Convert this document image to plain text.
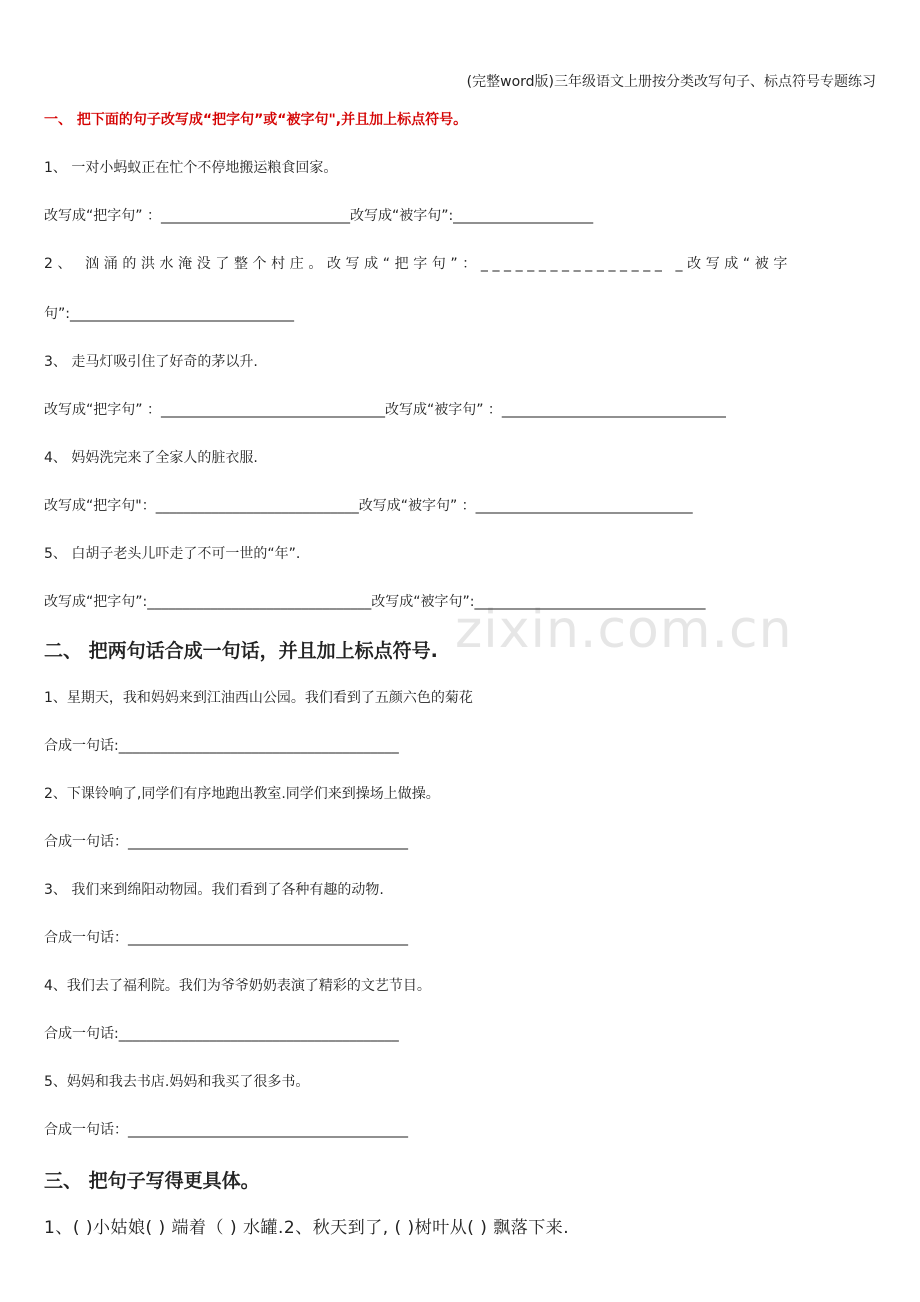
(完整word版)三年级语文上册按分类改写句子、标点符号专题练习
zixin.com.cn
一、 把下面的句子改写成“把字句”或“被字句",并且加上标点符号。
1、 一对小蚂蚁正在忙个不停地搬运粮食回家。
改写成“把字句” ：___________________________改写成“被字句”:____________________
2、 汹涌的洪水淹没了整个村庄。改写成“把字句”：________________ _改写成“被字
句”:________________________________
3、 走马灯吸引住了好奇的茅以升.
改写成“把字句” ：________________________________改写成“被字句” ：________________________________
4、 妈妈洗完来了全家人的脏衣服.
改写成“把字句"：_____________________________改写成“被字句” ：_______________________________
5、 白胡子老头儿吓走了不可一世的“年”.
改写成“把字句”:________________________________改写成“被字句”:_________________________________
二、 把两句话合成一句话，并且加上标点符号.
1、星期天，我和妈妈来到江油西山公园。我们看到了五颜六色的菊花
合成一句话:________________________________________
2、下课铃响了,同学们有序地跑出教室.同学们来到操场上做操。
合成一句话：________________________________________
3、 我们来到绵阳动物园。我们看到了各种有趣的动物.
合成一句话：________________________________________
4、我们去了福利院。我们为爷爷奶奶表演了精彩的文艺节目。
合成一句话:________________________________________
5、妈妈和我去书店.妈妈和我买了很多书。
合成一句话：________________________________________
三、 把句子写得更具体。
1、( )小姑娘( ) 端着（ ) 水罐.2、秋天到了, ( )树叶从( ) 飘落下来.
